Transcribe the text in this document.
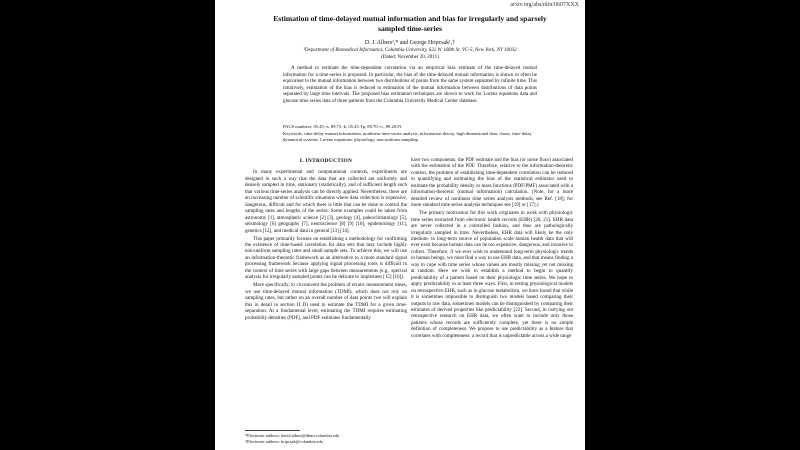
arxiv.org/abs/nlin/0607XXX
Estimation of time-delayed mutual information and bias for irregularly and sparsely
sampled time-series
D. J. Albers¹,* and George Hripcsak¹,†
¹Department of Biomedical Informatics, Columbia University, 622 W 168th St. VC-5, New York, NY 10032
(Dated: November 20, 2011)
A method to estimate the time-dependent correlation via an empirical bias estimate of the time-delayed mutual information for a time-series is proposed. In particular, the bias of the time-delayed mutual information is shown to often be equivalent to the mutual information between two distributions of points from the same system separated by infinite time. This intuitively, estimation of the bias is reduced to estimation of the mutual information between distributions of data points separated by large time intervals. The proposed bias estimation techniques are shown to work for Lorenz equations data and glucose time series data of three patients from the Columbia University Medical Center database.
PACS numbers: 05.45.-a, 89.75.-k, 05.45.Tp, 89.70.+c, 89.20.Ff
Keywords: time-delay mutual information, nonlinear time-series analysis, information theory, high dimensional data, chaos, time-delay dynamical systems, Lorenz equations, physiology, non-uniform sampling
I. INTRODUCTION

In many experimental and computational contexts, experiments are designed in such a way that the data that are collected are uniformly and densely sampled in time, stationary (statistically), and of sufficient length such that various time-series analysis can be directly applied. Nevertheless, there are an increasing number of scientific situations where data collection is expensive, dangerous, difficult and for which there is little that can be done to control the sampling rates and lengths of the series. Some examples could be taken from astronomy [1], atmospheric science [2] [3], geology [4], paleoclimatology [5], seismology [6] geography [7], neuroscience [8] [9] [10], epidemiology [11], genetics [12], and medical data in general [13] [14].

This paper primarily focuses on establishing a methodology for confirming the existence of time-based correlation for data sets that may include highly non-uniform sampling rates and small sample sets. To achieve this, we will use an information-theoretic framework as an alternative to a more standard signal processing framework because applying signal processing tools is difficult in the context of time series with large gaps between measurements (e.g., spectral analysis for irregularly sampled points can be delicate to implement [15] [16]).

More specifically, to circumvent the problem of erratic measurement times, we use time-delayed mutual information (TDMI), which does not rely on sampling rates, but rather on an overall number of data points (we will explain this in detail in section II D) used to estimate the TDMI for a given time-separation. At a fundamental level, estimating the TDMI requires estimating probability densities (PDF), and PDF estimates fundamentally

have two components, the PDF estimate and the bias (or noise floor) associated with the estimation of the PDF. Therefore, relative to the information-theoretic context, the problem of establishing time-dependent correlation can be reduced to quantifying and estimating the bias of the statistical estimator used to estimate the probability density or mass functions (PDF/PMF) associated with a information-theoretic (mutual information) calculation. (Note, for a more detailed review of nonlinear time series analysis methods, see Ref. [18]; for more standard time series analysis techniques see [19] or [17].)

The primary motivation for this work originates in work with physiologic time series extracted from electronic health records (EHR) [20, 21]. EHR data are never collected in a controlled fashion, and thus are pathologically irregularly sampled in time. Nevertheless, EHR data will likely be the only medium- to long-term source of population scale human health data that will ever exist because human data can be too expensive, dangerous, and invasive to collect. Therefore, if we ever wish to understand long-term physiologic trends in human beings, we must find a way to use EHR data, and that means finding a way to cope with time series whose values are mostly missing yet not missing at random. Here we wish to establish a method to begin to quantify predictability of a patient based on their physiologic time series. We hope to apply predictability in at least three ways. First, in testing physiological models on retrospective EHR, such as in glucose metabolism, we have found that while it is sometimes impossible to distinguish two models based comparing their outputs to raw data, sometimes models can be distinguished by comparing their estimates of derived properties like predictability [22]. Second, in carrying out retrospective research on EHR data, we often want to include only those patients whose records are sufficiently complete, yet there is no simple definition of completeness. We propose to use predictability as a feature that correlates with completeness: a record that is unpredictable across a wide range

*Electronic address: david.albers@dbmi.columbia.edu
†Electronic address: hripcsak@columbia.edu
